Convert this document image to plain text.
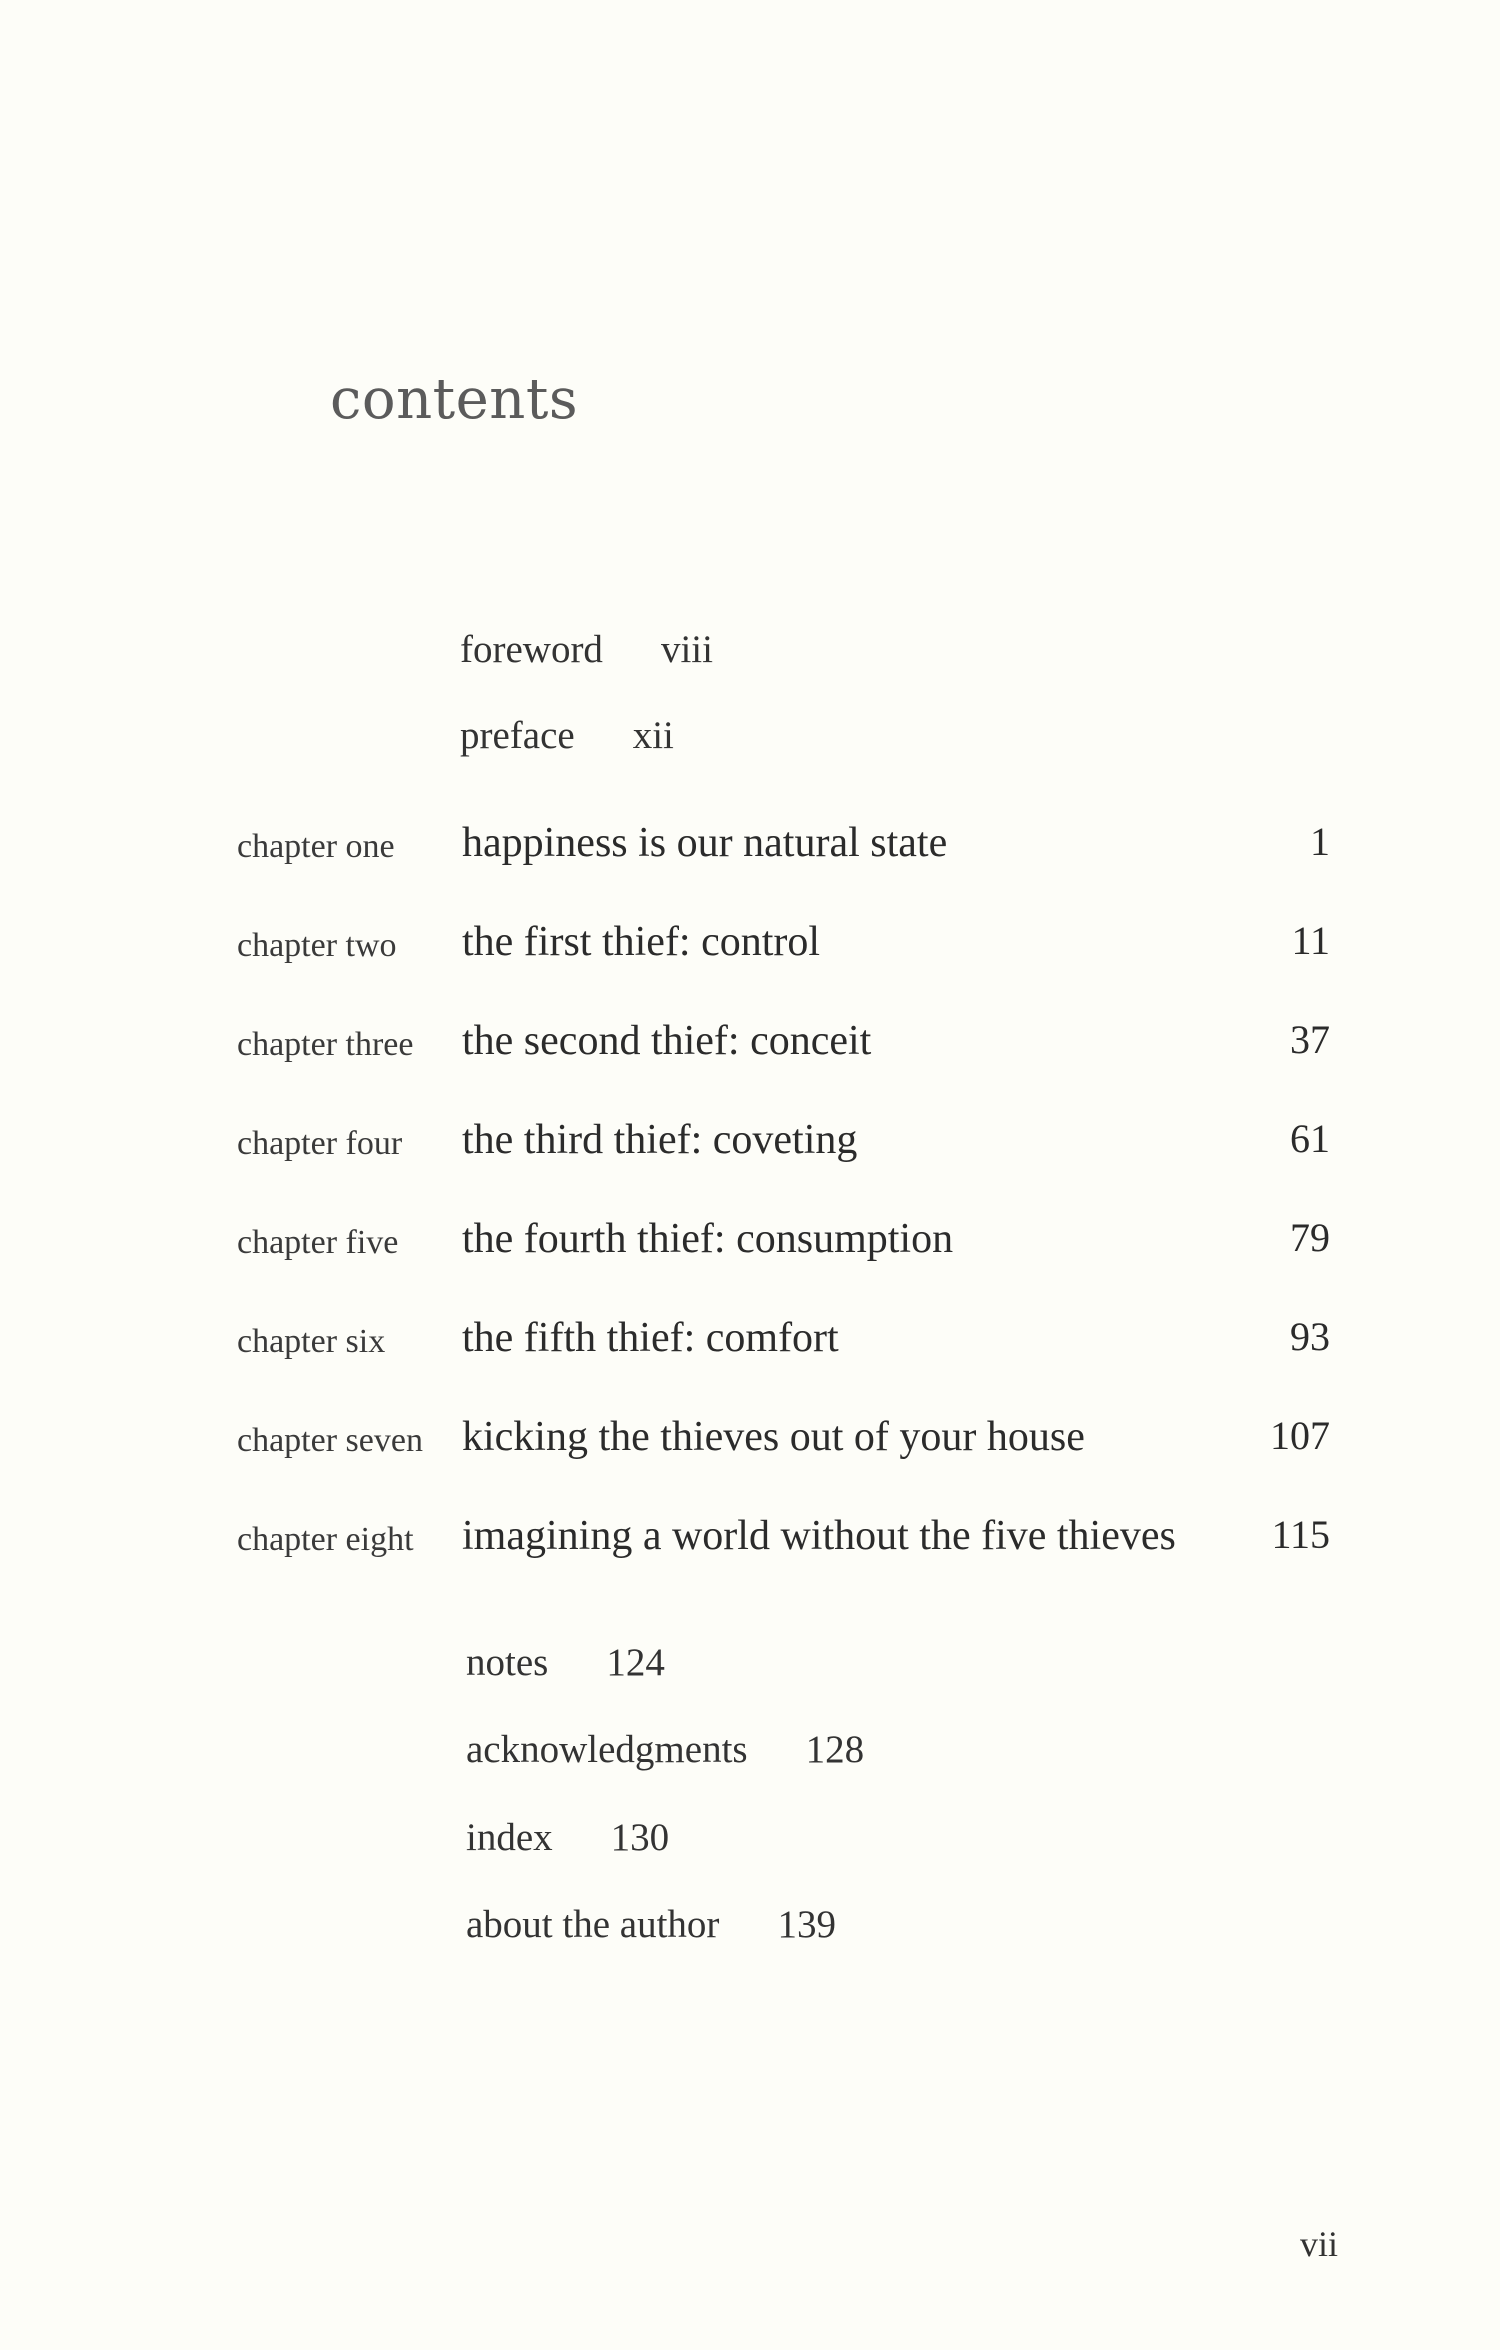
contents
foreword viii
preface xii
chapter one happiness is our natural state	1
chapter two the first thief: control	11
chapter three the second thief: conceit	37
chapter four the third thief: coveting	61
chapter five the fourth thief: consumption	79
chapter six the fifth thief: comfort	93
chapter seven kicking the thieves out of your house	107
chapter eight imagining a world without the five thieves 115
notes 124
acknowledgments 128
index 130
about the author 139
vii
